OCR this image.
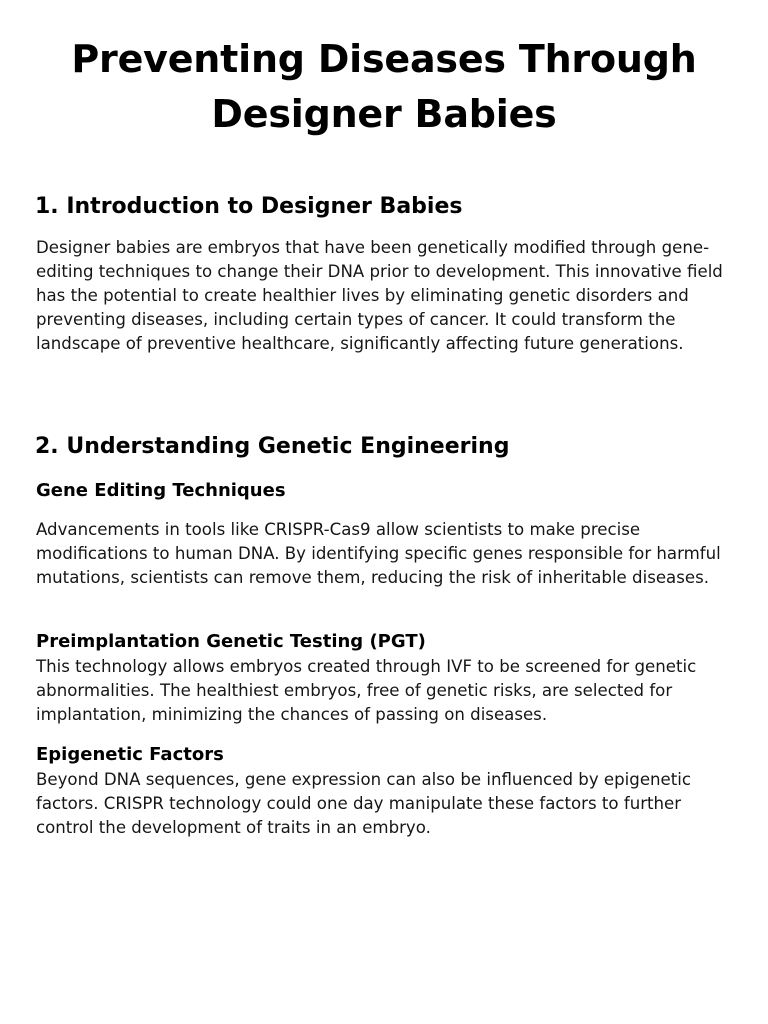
Preventing Diseases Through Designer Babies
1. Introduction to Designer Babies

Designer babies are embryos that have been genetically modified through gene-editing techniques to change their DNA prior to development. This innovative field has the potential to create healthier lives by eliminating genetic disorders and preventing diseases, including certain types of cancer. It could transform the landscape of preventive healthcare, significantly affecting future generations.

2. Understanding Genetic Engineering
Gene Editing Techniques

Advancements in tools like CRISPR-Cas9 allow scientists to make precise modifications to human DNA. By identifying specific genes responsible for harmful mutations, scientists can remove them, reducing the risk of inheritable diseases.

Preimplantation Genetic Testing (PGT)

This technology allows embryos created through IVF to be screened for genetic abnormalities. The healthiest embryos, free of genetic risks, are selected for implantation, minimizing the chances of passing on diseases.

Epigenetic Factors

Beyond DNA sequences, gene expression can also be influenced by epigenetic factors. CRISPR technology could one day manipulate these factors to further control the development of traits in an embryo.
